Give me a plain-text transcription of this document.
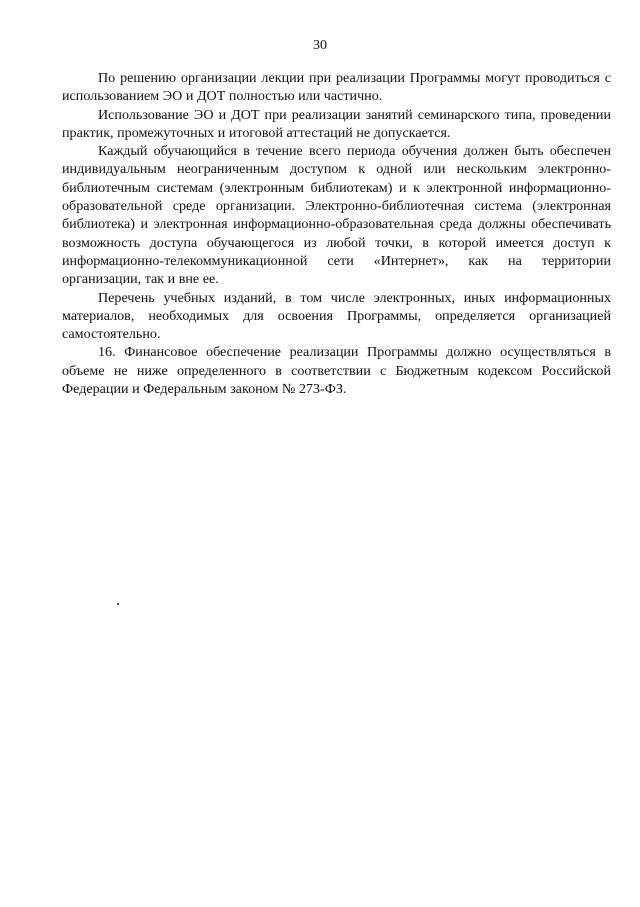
30

По решению организации лекции при реализации Программы могут проводиться с использованием ЭО и ДОТ полностью или частично.

Использование ЭО и ДОТ при реализации занятий семинарского типа, проведении практик, промежуточных и итоговой аттестаций не допускается.

Каждый обучающийся в течение всего периода обучения должен быть обеспечен индивидуальным неограниченным доступом к одной или нескольким электронно-библиотечным системам (электронным библиотекам) и к электронной информационно-образовательной среде организации. Электронно-библиотечная система (электронная библиотека) и электронная информационно-образовательная среда должны обеспечивать возможность доступа обучающегося из любой точки, в которой имеется доступ к информационно-телекоммуникационной сети «Интернет», как на территории организации, так и вне ее.

Перечень учебных изданий, в том числе электронных, иных информационных материалов, необходимых для освоения Программы, определяется организацией самостоятельно.

16. Финансовое обеспечение реализации Программы должно осуществляться в объеме не ниже определенного в соответствии с Бюджетным кодексом Российской Федерации и Федеральным законом № 273-ФЗ.
